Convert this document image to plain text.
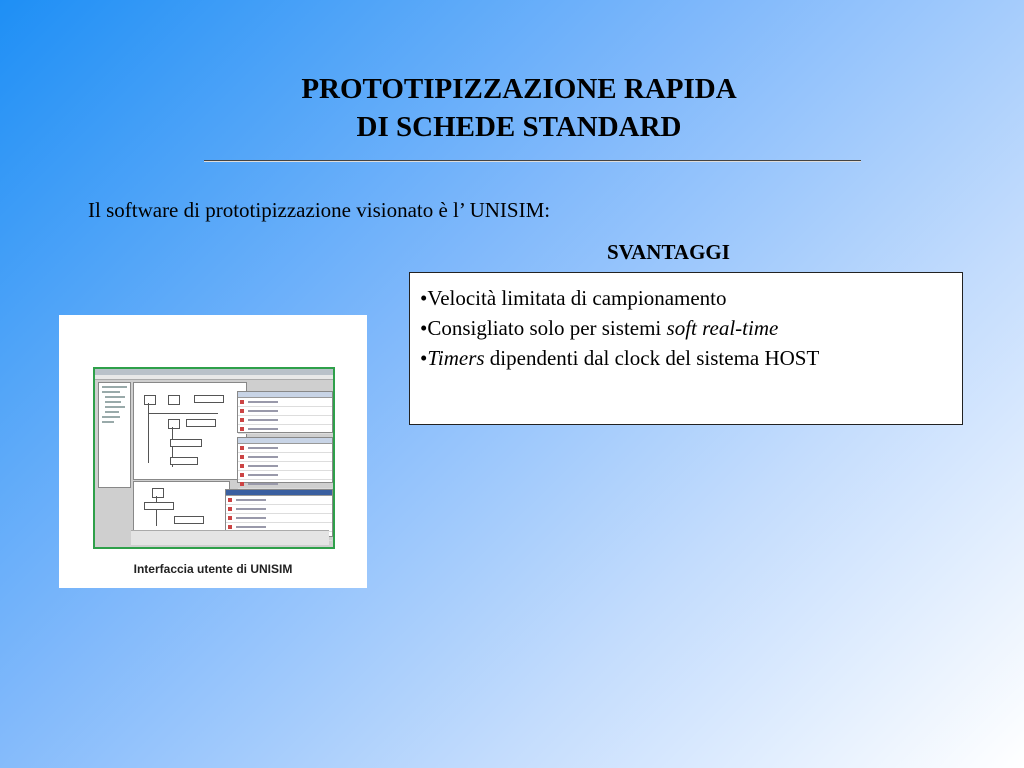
PROTOTIPIZZAZIONE RAPIDA
DI SCHEDE STANDARD
Il software di prototipizzazione visionato è l’ UNISIM:
SVANTAGGI
•Velocità limitata di campionamento
•Consigliato solo per sistemi soft real-time
•Timers dipendenti dal clock del sistema HOST
Interfaccia utente di UNISIM
